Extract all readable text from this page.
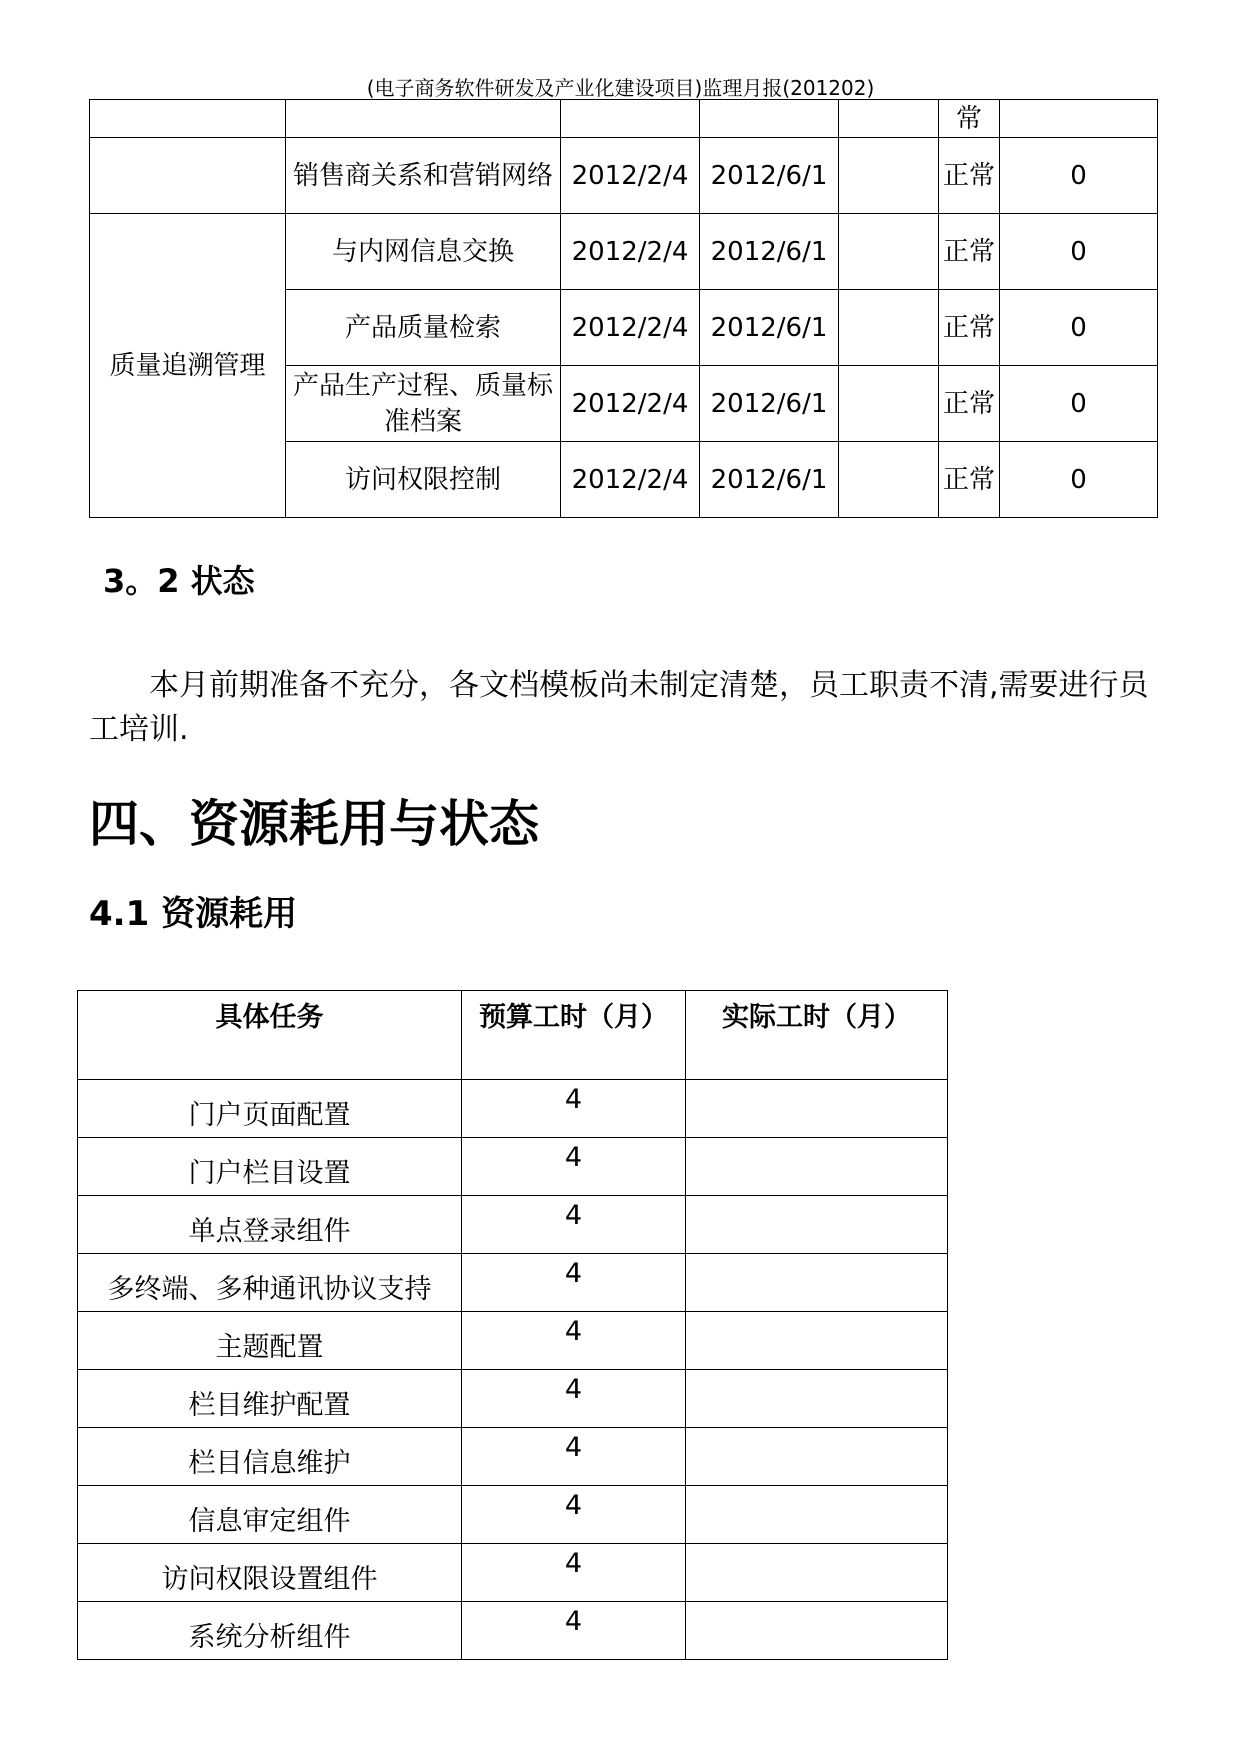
(电子商务软件研发及产业化建设项目)监理月报(201202)
					常	
	销售商关系和营销网络	2012/2/4	2012/6/1		正常	0
质量追溯管理	与内网信息交换	2012/2/4	2012/6/1		正常	0
	产品质量检索	2012/2/4	2012/6/1		正常	0
	产品生产过程、质量标准档案	2012/2/4	2012/6/1		正常	0
	访问权限控制	2012/2/4	2012/6/1		正常	0
3。2 状态

本月前期准备不充分，各文档模板尚未制定清楚，员工职责不清,需要进行员工培训.

四、资源耗用与状态
4.1 资源耗用
具体任务	预算工时（月）	实际工时（月）
门户页面配置	4	
门户栏目设置	4	
单点登录组件	4	
多终端、多种通讯协议支持	4	
主题配置	4	
栏目维护配置	4	
栏目信息维护	4	
信息审定组件	4	
访问权限设置组件	4	
系统分析组件	4	
